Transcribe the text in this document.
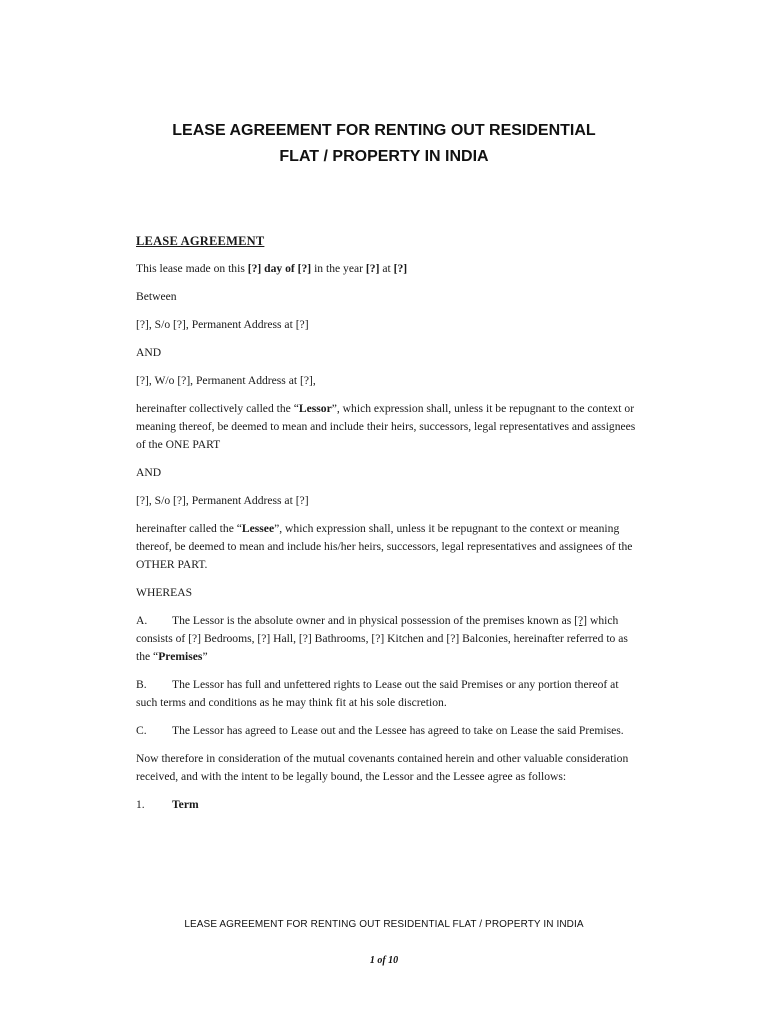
LEASE AGREEMENT FOR RENTING OUT RESIDENTIAL
FLAT / PROPERTY IN INDIA

LEASE AGREEMENT

This lease made on this [?] day of [?] in the year [?] at [?]

Between

[?], S/o [?], Permanent Address at [?]

AND

[?], W/o [?], Permanent Address at [?],

hereinafter collectively called the “Lessor”, which expression shall, unless it be repugnant to the context or meaning thereof, be deemed to mean and include their heirs, successors, legal representatives and assignees of the ONE PART

AND

[?], S/o [?], Permanent Address at [?]

hereinafter called the “Lessee”, which expression shall, unless it be repugnant to the context or meaning thereof, be deemed to mean and include his/her heirs, successors, legal representatives and assignees of the OTHER PART.

WHEREAS

A. The Lessor is the absolute owner and in physical possession of the premises known as [?] which consists of [?] Bedrooms, [?] Hall, [?] Bathrooms, [?] Kitchen and [?] Balconies, hereinafter referred to as the “Premises”

B. The Lessor has full and unfettered rights to Lease out the said Premises or any portion thereof at such terms and conditions as he may think fit at his sole discretion.

C. The Lessor has agreed to Lease out and the Lessee has agreed to take on Lease the said Premises.

Now therefore in consideration of the mutual covenants contained herein and other valuable consideration received, and with the intent to be legally bound, the Lessor and the Lessee agree as follows:

1. Term

LEASE AGREEMENT FOR RENTING OUT RESIDENTIAL FLAT / PROPERTY IN INDIA
1 of 10
